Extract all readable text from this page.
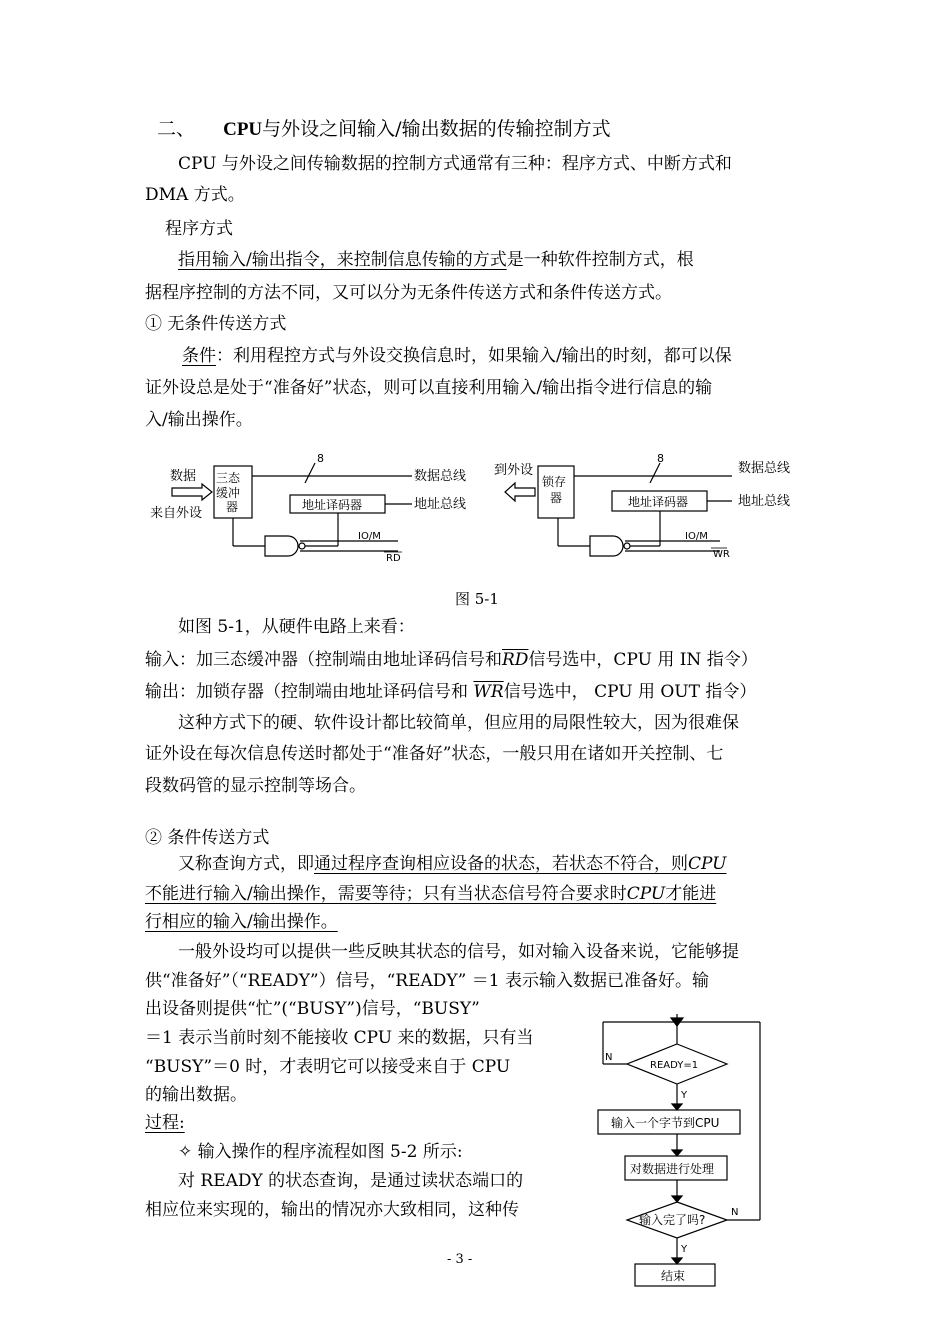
二、 CPU与外设之间输入/输出数据的传输控制方式
CPU 与外设之间传输数据的控制方式通常有三种：程序方式、中断方式和
DMA 方式。
程序方式
指用输入/输出指令，来控制信息传输的方式是一种软件控制方式，根
据程序控制的方法不同，又可以分为无条件传送方式和条件传送方式。
① 无条件传送方式
条件：利用程控方式与外设交换信息时，如果输入/输出的时刻，都可以保
证外设总是处于“准备好”状态，则可以直接利用输入/输出指令进行信息的输
入/输出操作。
数据
来自外设
三态
缓冲
器
8
数据总线
地址译码器	地址总线
IO/M
RD
到外设
锁存
器
8
数据总线
地址译码器	地址总线
IO/M
WR
图 5-1
如图 5-1，从硬件电路上来看：
输入：加三态缓冲器（控制端由地址译码信号和$\overline{RD}$信号选中，CPU 用 IN 指令）
输出：加锁存器（控制端由地址译码信号和 $\overline{WR}$信号选中， CPU 用 OUT 指令）
这种方式下的硬、软件设计都比较简单，但应用的局限性较大，因为很难保
证外设在每次信息传送时都处于“准备好”状态，一般只用在诸如开关控制、七
段数码管的显示控制等场合。
② 条件传送方式
又称查询方式，即通过程序查询相应设备的状态，若状态不符合，则CPU
不能进行输入/输出操作，需要等待；只有当状态信号符合要求时CPU才能进
行相应的输入/输出操作。
一般外设均可以提供一些反映其状态的信号，如对输入设备来说，它能够提
供“准备好”（“READY”）信号，“READY” ＝1 表示输入数据已准备好。输
出设备则提供“忙”(“BUSY”)信号，“BUSY”
＝1 表示当前时刻不能接收 CPU 来的数据，只有当
“BUSY”＝0 时，才表明它可以接受来自于 CPU
的输出数据。
过程:
✧ 输入操作的程序流程如图 5-2 所示:
对 READY 的状态查询，是通过读状态端口的
相应位来实现的，输出的情况亦大致相同，这种传
READY=1
N
Y
输入一个字节到CPU
对数据进行处理
输入完了吗?
N
Y
结束
- 3 -
